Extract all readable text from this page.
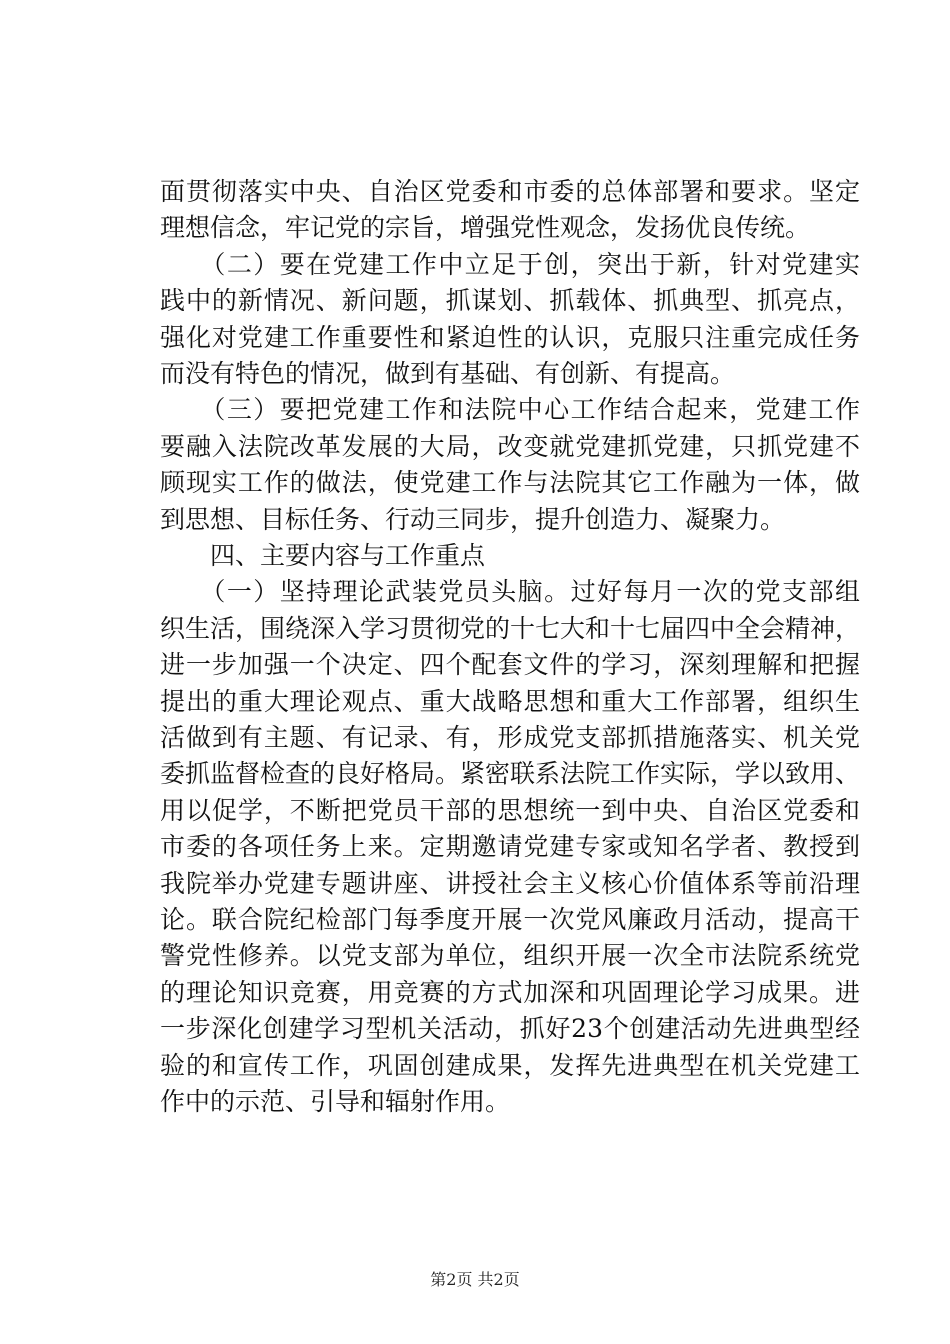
面贯彻落实中央、自治区党委和市委的总体部署和要求。坚定
理想信念，牢记党的宗旨，增强党性观念，发扬优良传统。
　　（二）要在党建工作中立足于创，突出于新，针对党建实
践中的新情况、新问题，抓谋划、抓载体、抓典型、抓亮点，
强化对党建工作重要性和紧迫性的认识，克服只注重完成任务
而没有特色的情况，做到有基础、有创新、有提高。
　　（三）要把党建工作和法院中心工作结合起来，党建工作
要融入法院改革发展的大局，改变就党建抓党建，只抓党建不
顾现实工作的做法，使党建工作与法院其它工作融为一体，做
到思想、目标任务、行动三同步，提升创造力、凝聚力。
　　四、主要内容与工作重点
　　（一）坚持理论武装党员头脑。过好每月一次的党支部组
织生活，围绕深入学习贯彻党的十七大和十七届四中全会精神，
进一步加强一个决定、四个配套文件的学习，深刻理解和把握
提出的重大理论观点、重大战略思想和重大工作部署，组织生
活做到有主题、有记录、有，形成党支部抓措施落实、机关党
委抓监督检查的良好格局。紧密联系法院工作实际，学以致用、
用以促学，不断把党员干部的思想统一到中央、自治区党委和
市委的各项任务上来。定期邀请党建专家或知名学者、教授到
我院举办党建专题讲座、讲授社会主义核心价值体系等前沿理
论。联合院纪检部门每季度开展一次党风廉政月活动，提高干
警党性修养。以党支部为单位，组织开展一次全市法院系统党
的理论知识竞赛，用竞赛的方式加深和巩固理论学习成果。进
一步深化创建学习型机关活动，抓好23个创建活动先进典型经
验的和宣传工作，巩固创建成果，发挥先进典型在机关党建工
作中的示范、引导和辐射作用。
第2页 共2页
